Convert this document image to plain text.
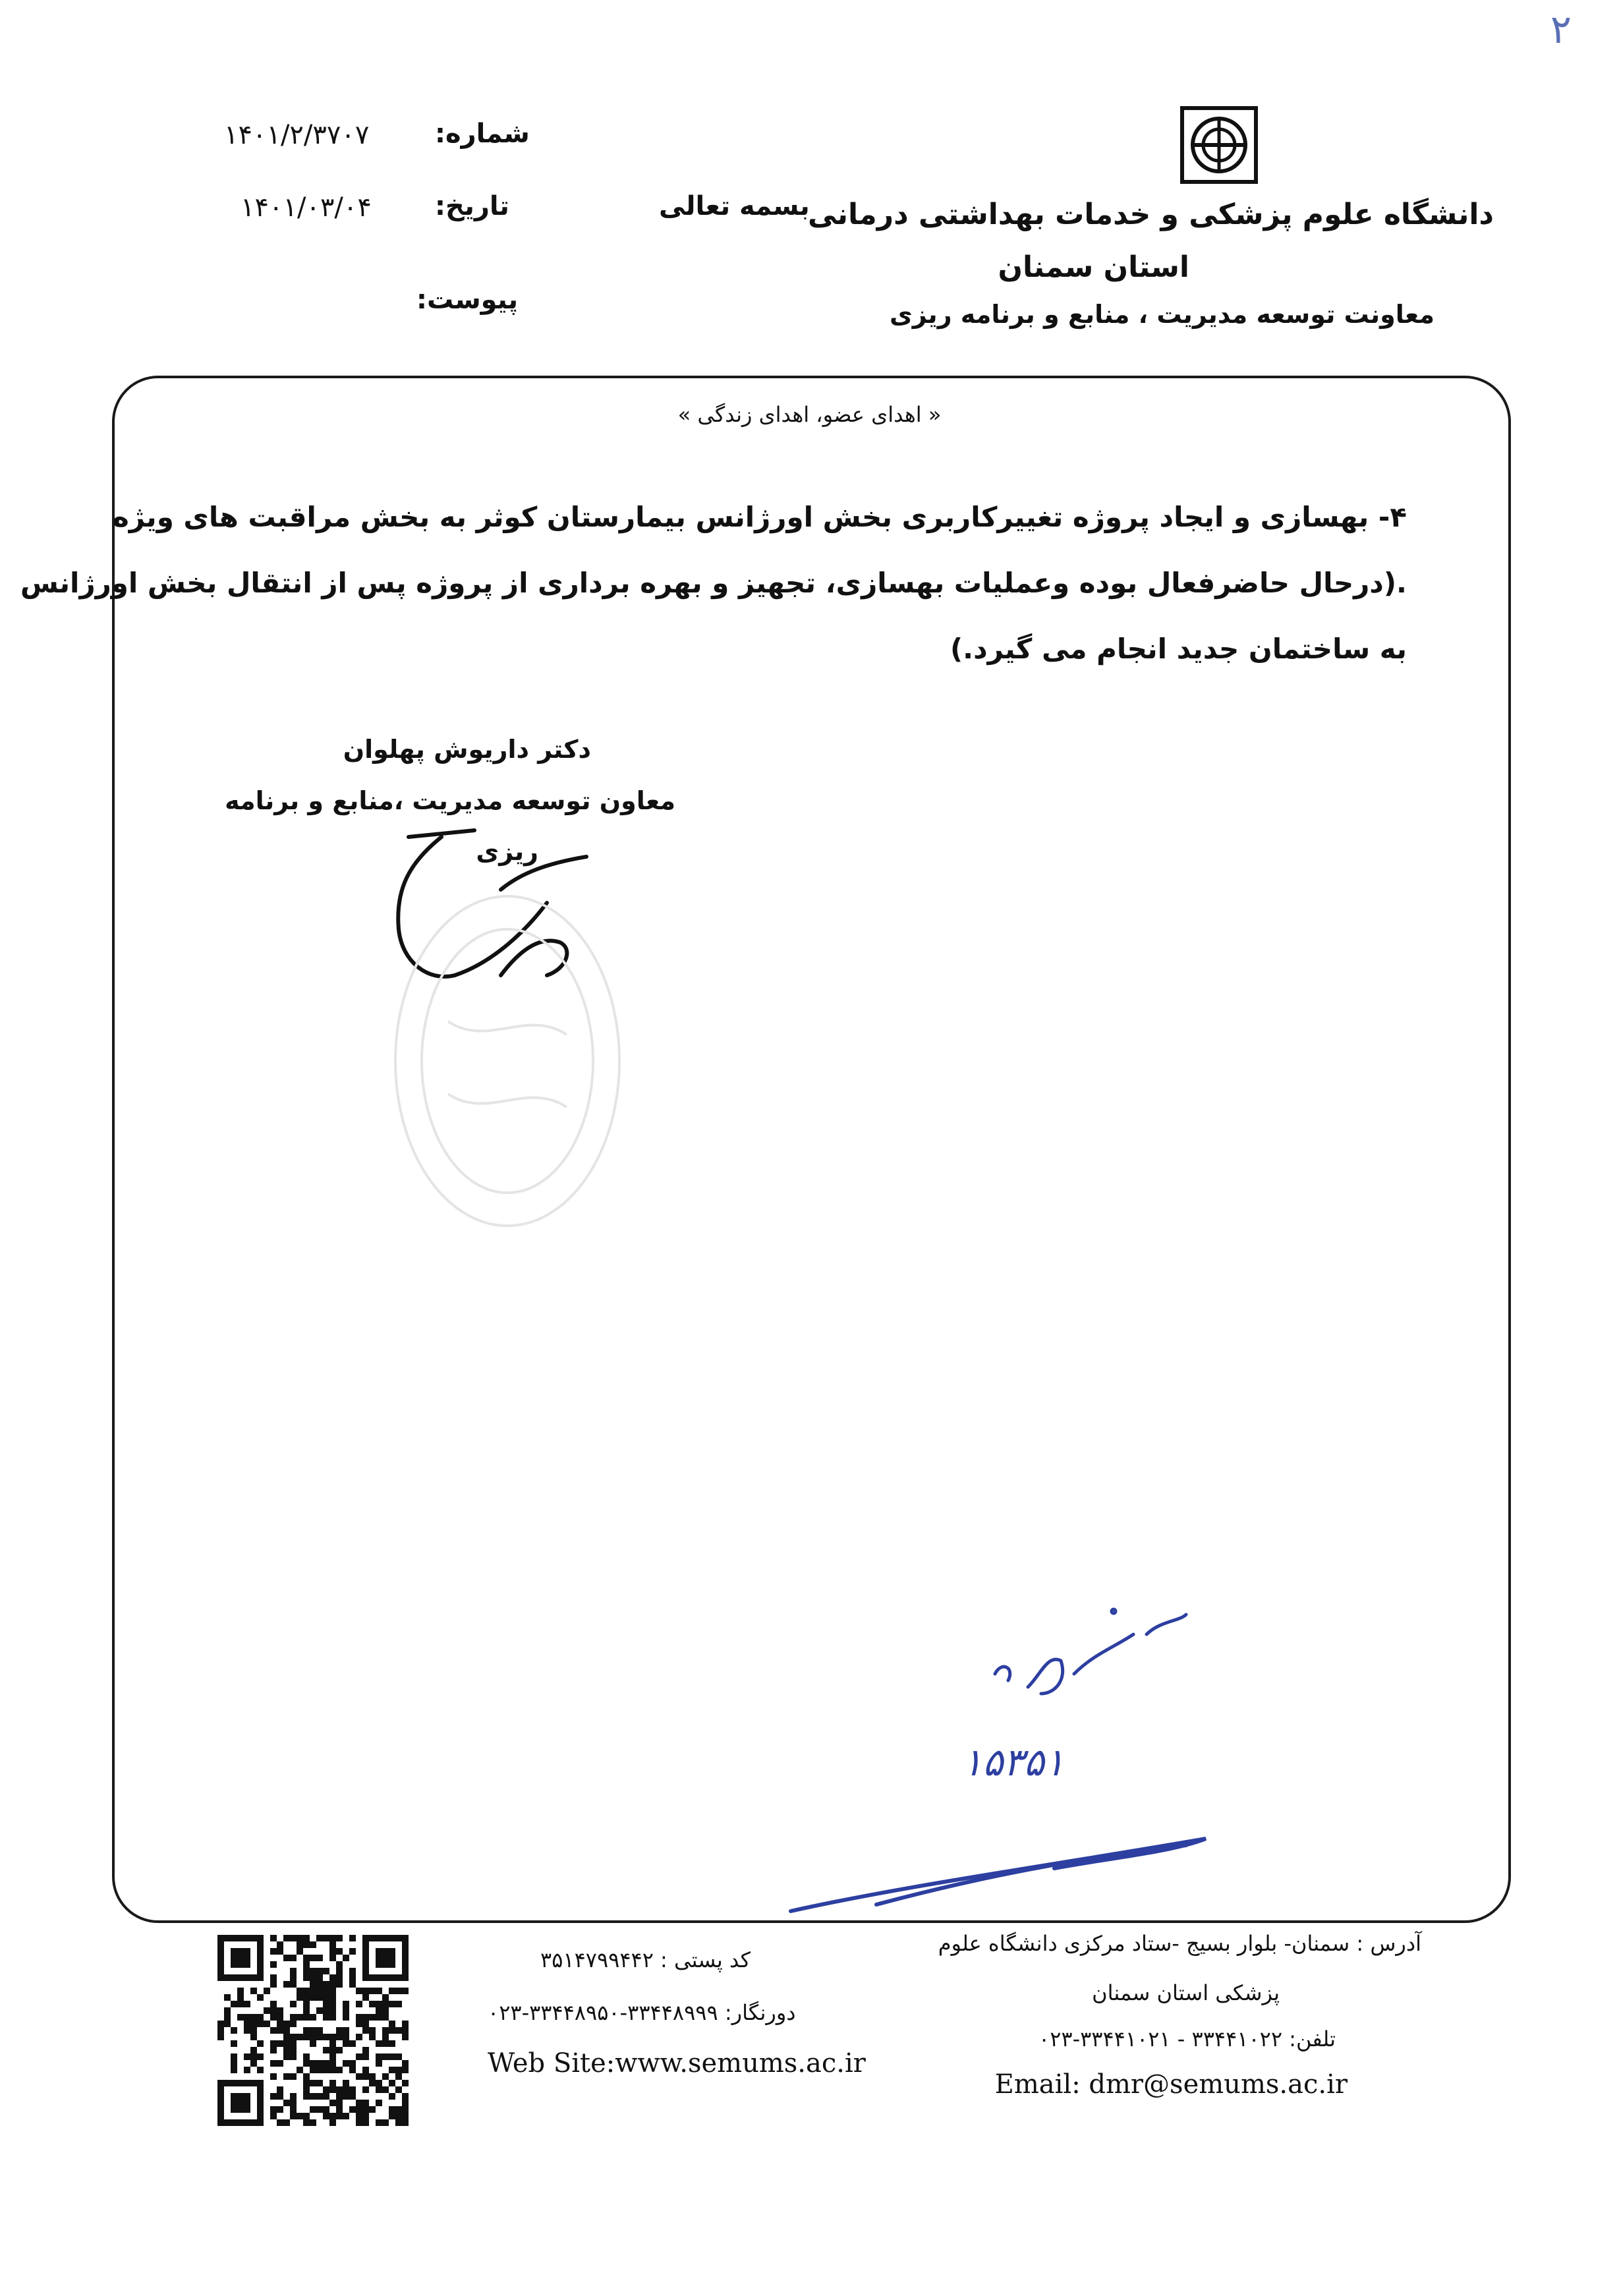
۲
دانشگاه علوم پزشکی و خدمات بهداشتی درمانی
استان سمنان
معاونت توسعه مدیریت ، منابع و برنامه ریزی
بسمه تعالی
شماره:
۱۴۰۱/۲/۳۷۰۷
تاریخ:
۱۴۰۱/۰۳/۰۴
پیوست:
« اهدای عضو، اهدای زندگی »
۴- بهسازی و ایجاد پروژه تغییرکاربری بخش اورژانس بیمارستان کوثر به بخش مراقبت های ویژه
.(درحال حاضرفعال بوده وعملیات بهسازی، تجهیز و بهره برداری از پروژه پس از انتقال بخش اورژانس
به ساختمان جدید انجام می گیرد.)
دکتر داریوش پهلوان
معاون توسعه مدیریت ،منابع و برنامه
ریزی
۱۵۳۵۱
آدرس : سمنان- بلوار بسیج -ستاد مرکزی دانشگاه علوم
پزشکی استان سمنان
تلفن: ۳۳۴۴۱۰۲۲ - ۳۳۴۴۱۰۲۱-۰۲۳
Email: dmr@semums.ac.ir
کد پستی : ۳۵۱۴۷۹۹۴۴۲
دورنگار: ۳۳۴۴۸۹۹۹-۳۳۴۴۸۹۵۰-۰۲۳
Web Site:www.semums.ac.ir
